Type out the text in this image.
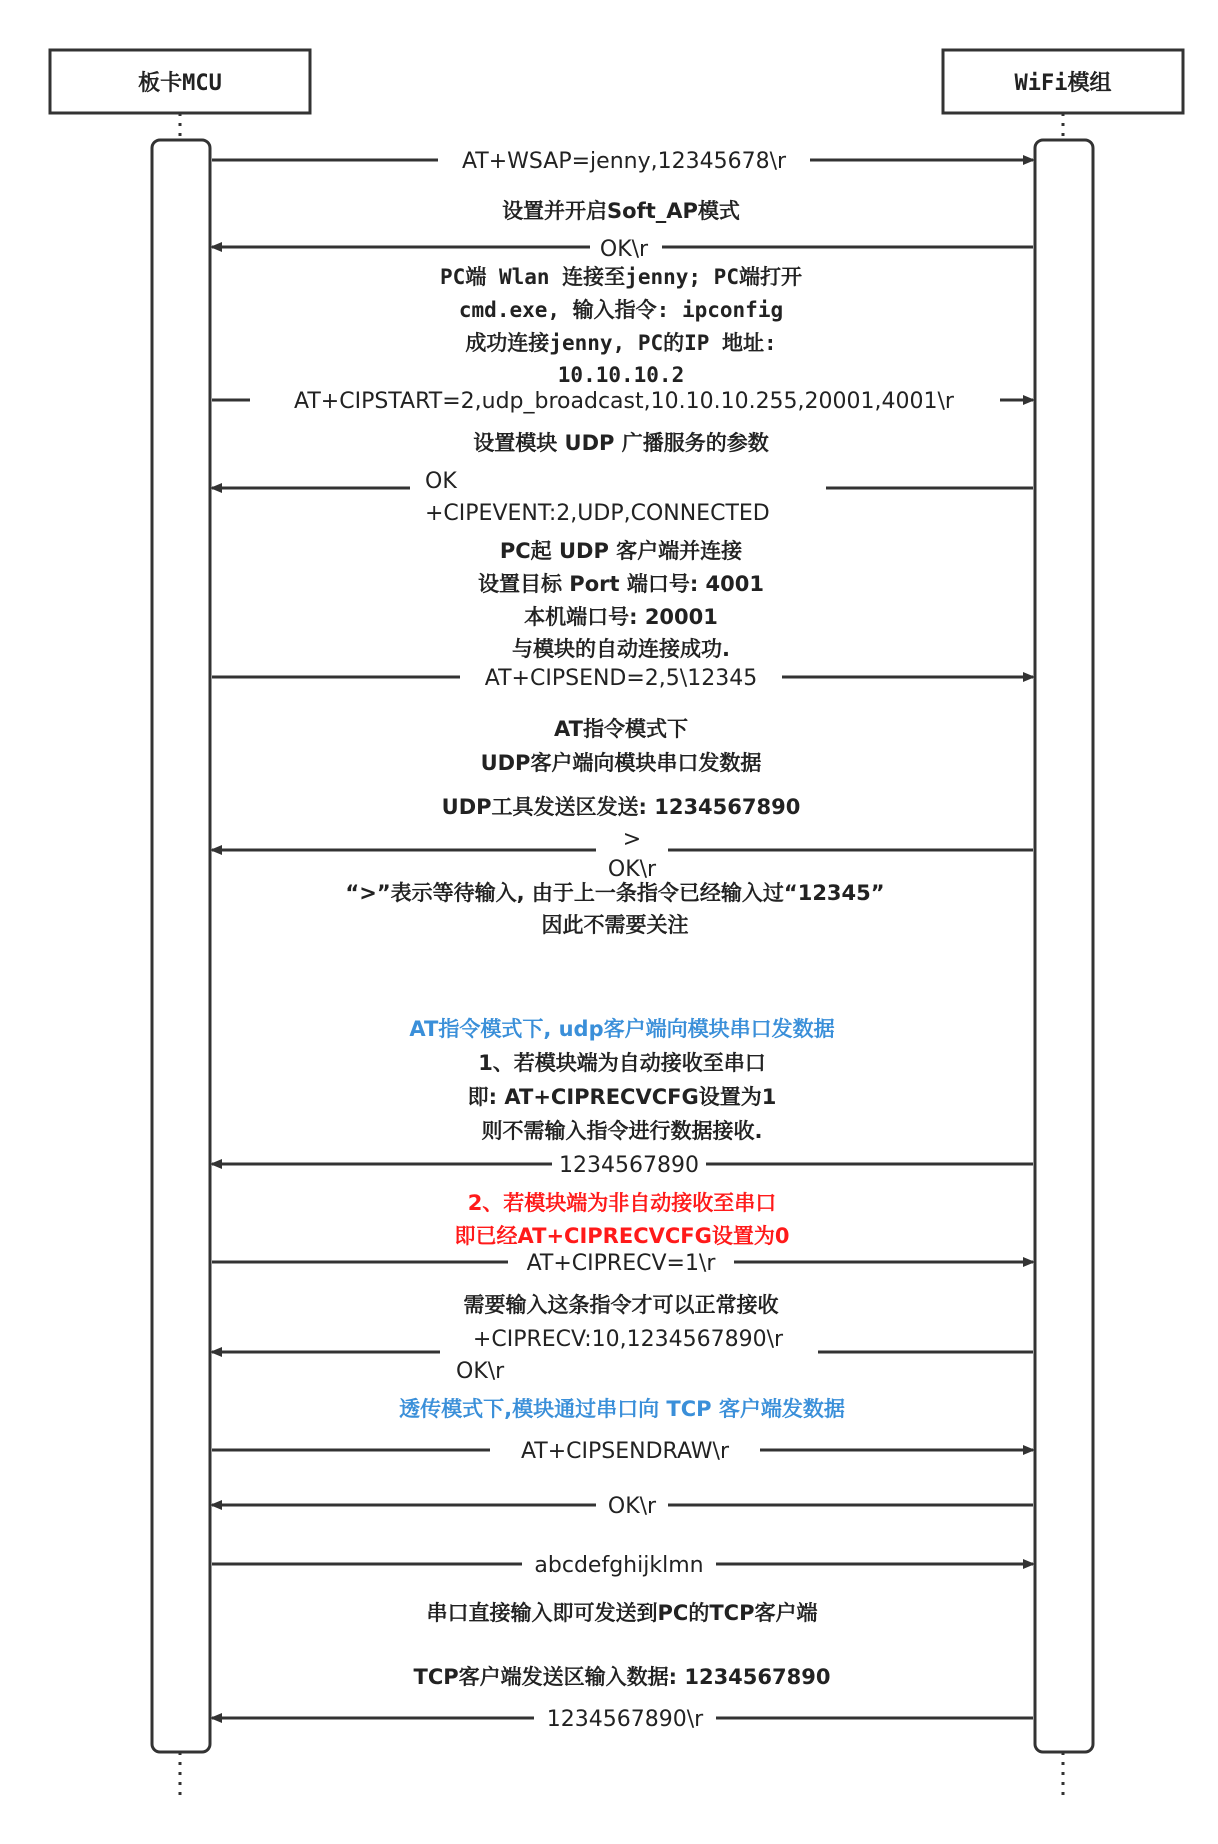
板卡MCU	WiFi模组
AT+WSAP=jenny,12345678\r
OK\r
AT+CIPSTART=2,udp_broadcast,10.10.10.255,20001,4001\r
OK
+CIPEVENT:2,UDP,CONNECTED
AT+CIPSEND=2,5\12345
>
OK\r
1234567890
AT+CIPRECV=1\r
+CIPRECV:10,1234567890\r
OK\r
AT+CIPSENDRAW\r
OK\r
abcdefghijklmn
1234567890\r
设置并开启Soft_AP模式
PC端 Wlan 连接至jenny; PC端打开
cmd.exe, 输入指令: ipconfig
成功连接jenny, PC的IP 地址:
10.10.10.2
设置模块 UDP 广播服务的参数
PC起 UDP 客户端并连接
设置目标 Port 端口号: 4001
本机端口号: 20001
与模块的自动连接成功.
AT指令模式下
UDP客户端向模块串口发数据
UDP工具发送区发送: 1234567890
“>”表示等待输入, 由于上一条指令已经输入过“12345”
因此不需要关注
AT指令模式下, udp客户端向模块串口发数据
1、若模块端为自动接收至串口
即: AT+CIPRECVCFG设置为1
则不需输入指令进行数据接收.
2、若模块端为非自动接收至串口
即已经AT+CIPRECVCFG设置为0
需要输入这条指令才可以正常接收
透传模式下,模块通过串口向 TCP 客户端发数据
串口直接输入即可发送到PC的TCP客户端
TCP客户端发送区输入数据: 1234567890
